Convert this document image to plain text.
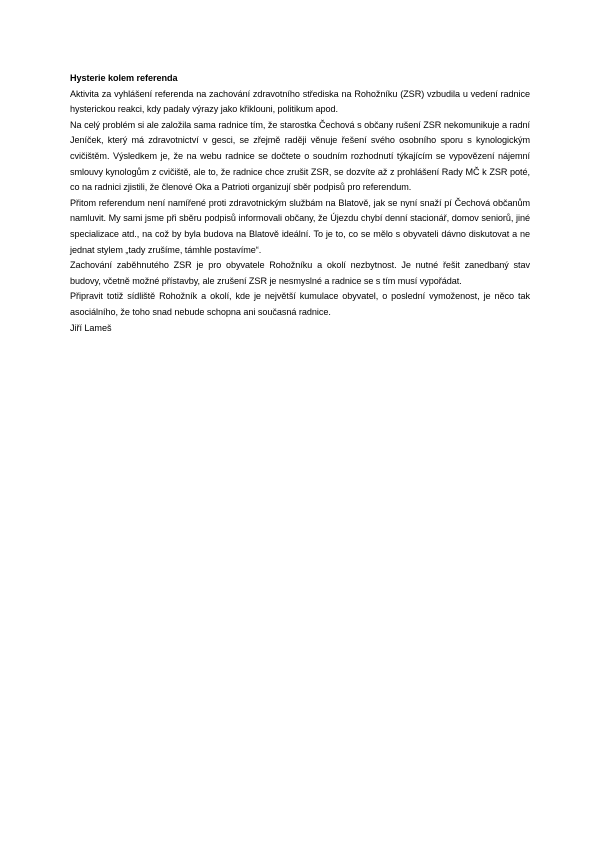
Hysterie kolem referenda

Aktivita za vyhlášení referenda na zachování zdravotního střediska na Rohožníku (ZSR) vzbudila u vedení radnice hysterickou reakci, kdy padaly výrazy jako křiklouni, politikum apod.

Na celý problém si ale založila sama radnice tím, že starostka Čechová s občany rušení ZSR nekomunikuje a radní Jeníček, který má zdravotnictví v gesci, se zřejmě raději věnuje řešení svého osobního sporu s kynologickým cvičištěm. Výsledkem je, že na webu radnice se dočtete o soudním rozhodnutí týkajícím se vypovězení nájemní smlouvy kynologům z cvičiště, ale to, že radnice chce zrušit ZSR, se dozvíte až z prohlášení Rady MČ k ZSR poté, co na radnici zjistili, že členové Oka a Patrioti organizují sběr podpisů pro referendum.

Přitom referendum není namířené proti zdravotnickým službám na Blatově, jak se nyní snaží pí Čechová občanům namluvit. My sami jsme při sběru podpisů informovali občany, že Újezdu chybí denní stacionář, domov seniorů, jiné specializace atd., na což by byla budova na Blatově ideální. To je to, co se mělo s obyvateli dávno diskutovat a ne jednat stylem „tady zrušíme, támhle postavíme“.

Zachování zaběhnutého ZSR je pro obyvatele Rohožníku a okolí nezbytnost. Je nutné řešit zanedbaný stav budovy, včetně možné přístavby, ale zrušení ZSR je nesmyslné a radnice se s tím musí vypořádat.

Připravit totiž sídliště Rohožník a okolí, kde je největší kumulace obyvatel, o poslední vymoženost, je něco tak asociálního, že toho snad nebude schopna ani současná radnice.

Jiří Lameš
